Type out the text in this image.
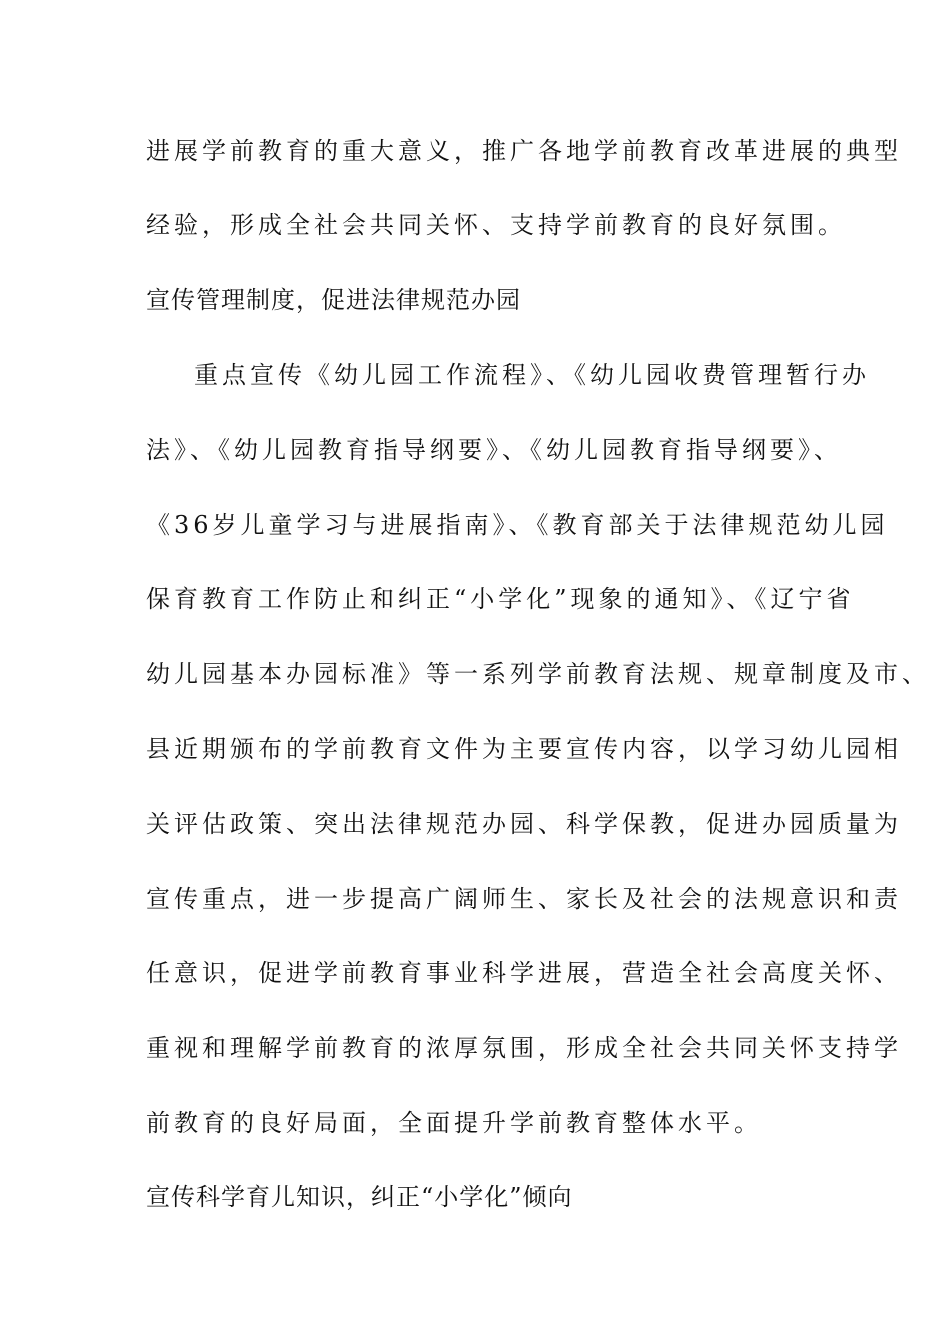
进展学前教育的重大意义，推广各地学前教育改革进展的典型
经验，形成全社会共同关怀、支持学前教育的良好氛围。
宣传管理制度，促进法律规范办园
重点宣传《幼儿园工作流程》、《幼儿园收费管理暂行办
法》、《幼儿园教育指导纲要》、《幼儿园教育指导纲要》、
《36岁儿童学习与进展指南》、《教育部关于法律规范幼儿园
保育教育工作防止和纠正“小学化”现象的通知》、《辽宁省
幼儿园基本办园标准》等一系列学前教育法规、规章制度及市、
县近期颁布的学前教育文件为主要宣传内容，以学习幼儿园相
关评估政策、突出法律规范办园、科学保教，促进办园质量为
宣传重点，进一步提高广阔师生、家长及社会的法规意识和责
任意识，促进学前教育事业科学进展，营造全社会高度关怀、
重视和理解学前教育的浓厚氛围，形成全社会共同关怀支持学
前教育的良好局面，全面提升学前教育整体水平。
宣传科学育儿知识，纠正“小学化”倾向
